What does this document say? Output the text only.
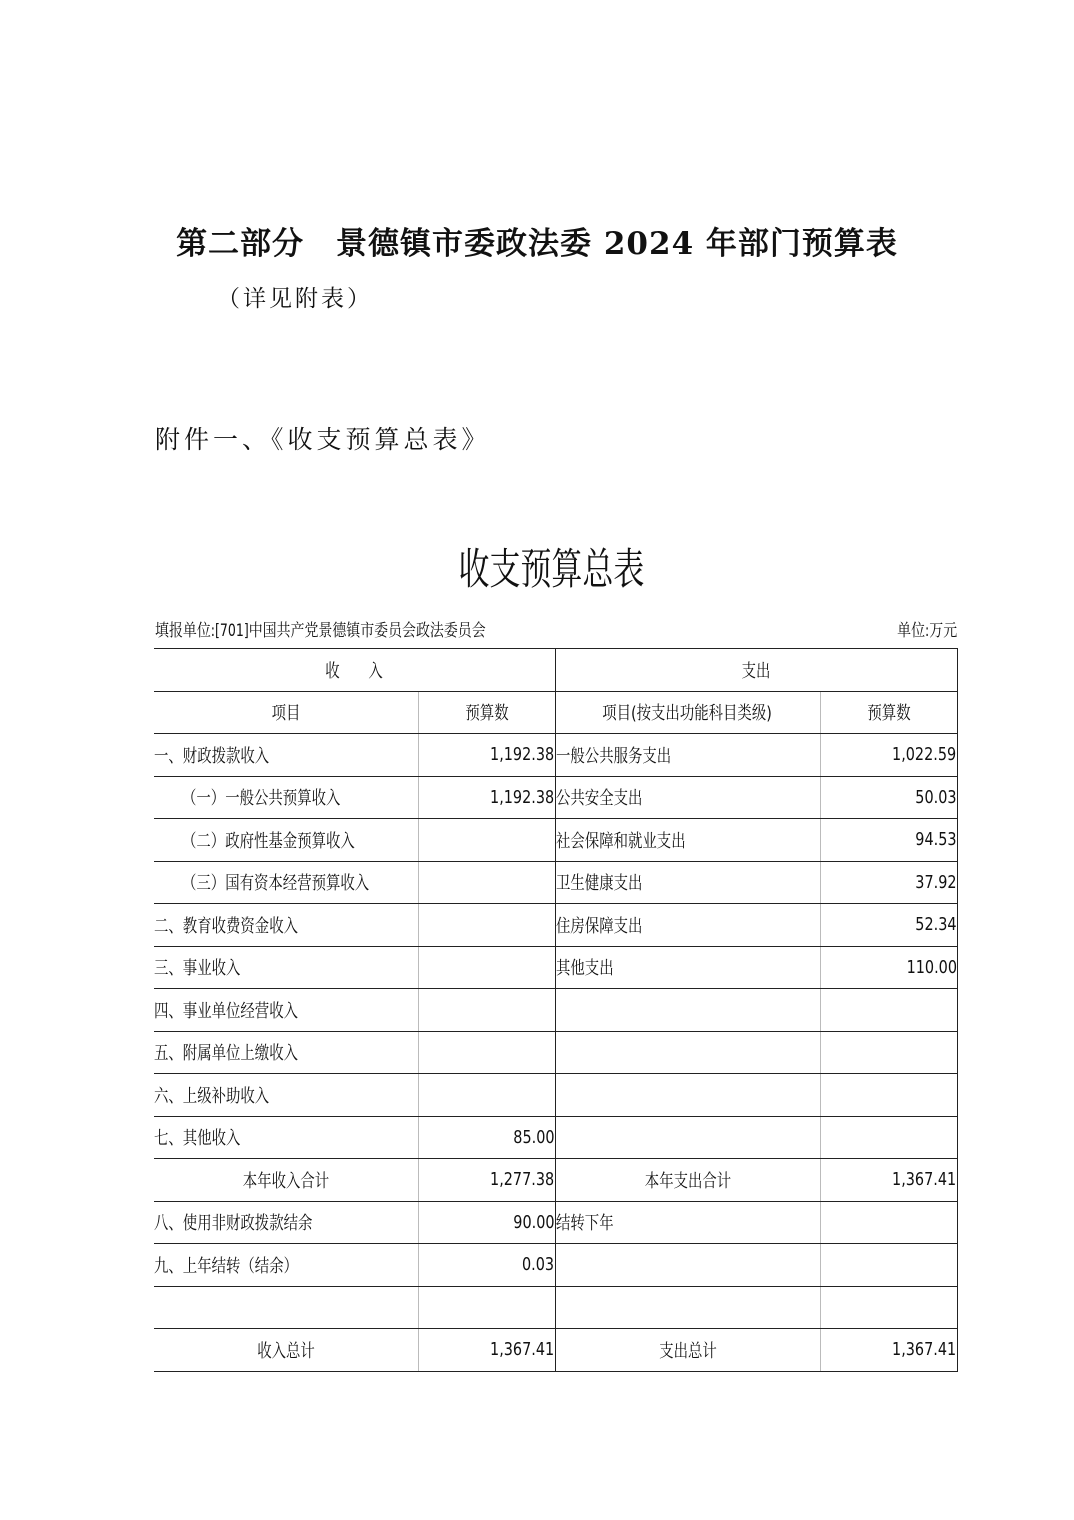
第二部分　景德镇市委政法委 2024 年部门预算表
（详见附表）
附件一、《收支预算总表》
收支预算总表
填报单位:[701]中国共产党景德镇市委员会政法委员会	单位:万元
收　　入		支出	
项目	预算数	项目(按支出功能科目类级)	预算数
一、财政拨款收入	1,192.38	一般公共服务支出	1,022.59
（一）一般公共预算收入	1,192.38	公共安全支出	50.03
（二）政府性基金预算收入		社会保障和就业支出	94.53
（三）国有资本经营预算收入		卫生健康支出	37.92
二、教育收费资金收入		住房保障支出	52.34
三、事业收入		其他支出	110.00
四、事业单位经营收入			
五、附属单位上缴收入			
六、上级补助收入			
七、其他收入	85.00		
本年收入合计	1,277.38	本年支出合计	1,367.41
八、使用非财政拨款结余	90.00	结转下年	
九、上年结转（结余）	0.03		

收入总计	1,367.41	支出总计	1,367.41
